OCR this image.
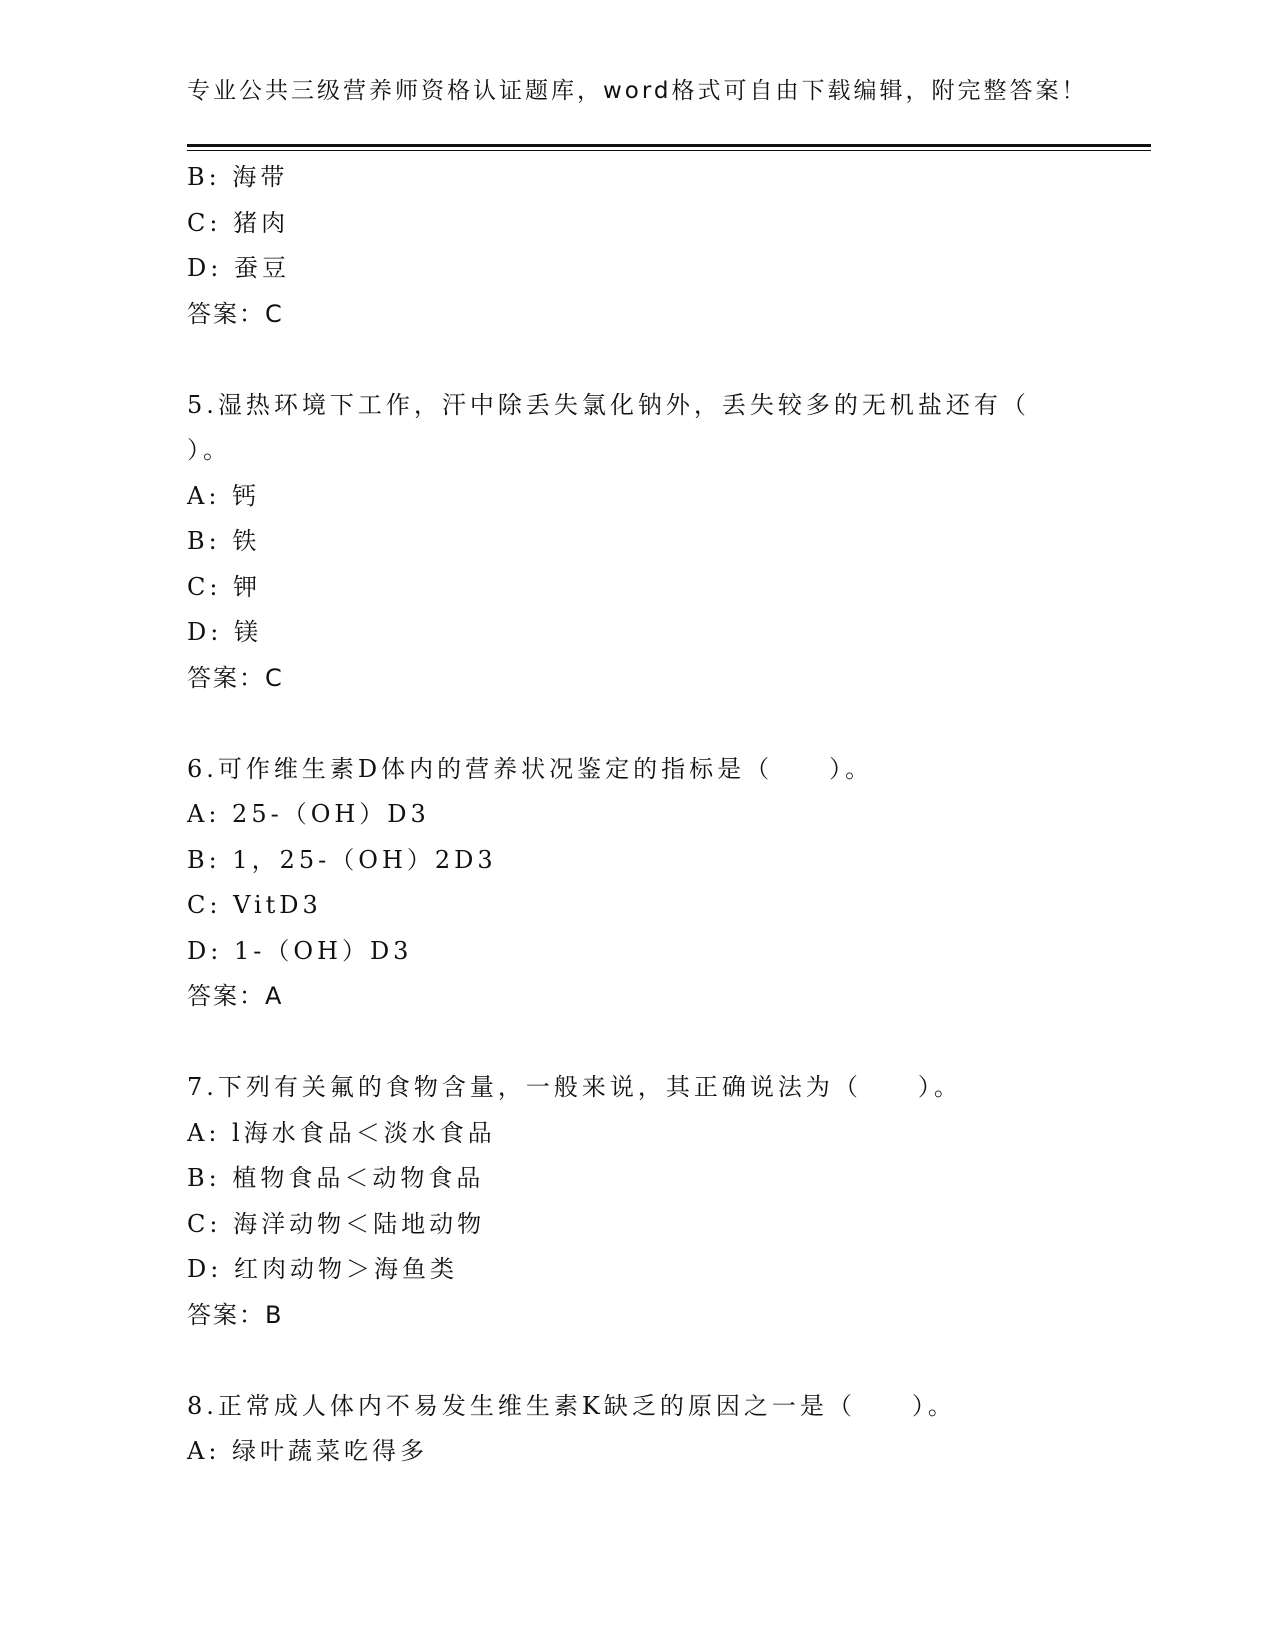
专业公共三级营养师资格认证题库，word格式可自由下载编辑，附完整答案！
B: 海带
C: 猪肉
D: 蚕豆
答案：C
5.湿热环境下工作，汗中除丢失氯化钠外，丢失较多的无机盐还有（
）。
A: 钙
B: 铁
C: 钾
D: 镁
答案：C
6.可作维生素D体内的营养状况鉴定的指标是（　　）。
A: 25-（OH）D3
B: 1，25-（OH）2D3
C: VitD3
D: 1-（OH）D3
答案：A
7.下列有关氟的食物含量，一般来说，其正确说法为（　　）。
A: l海水食品＜淡水食品
B: 植物食品＜动物食品
C: 海洋动物＜陆地动物
D: 红肉动物＞海鱼类
答案：B
8.正常成人体内不易发生维生素K缺乏的原因之一是（　　）。
A: 绿叶蔬菜吃得多
